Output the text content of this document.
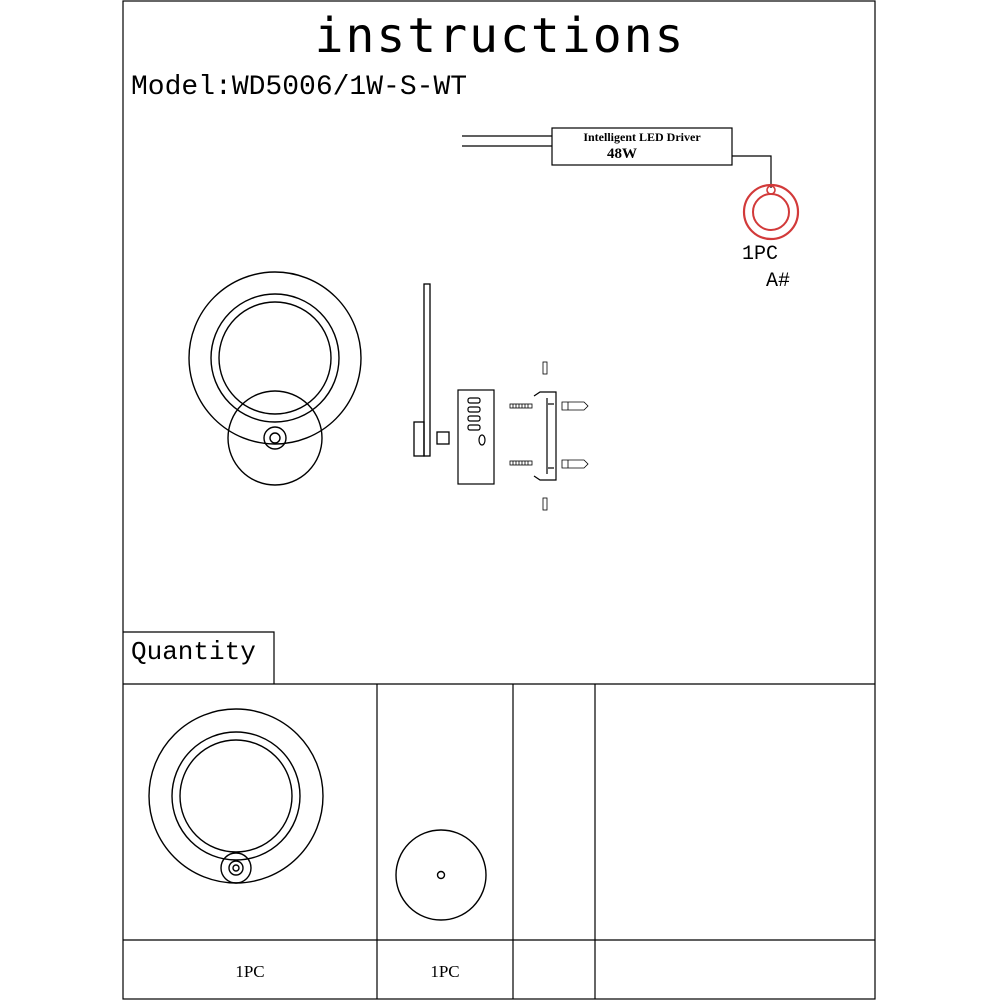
instructions
Model:WD5006/1W-S-WT
Intelligent LED Driver
48W
1PC
A#
Quantity
1PC	1PC
